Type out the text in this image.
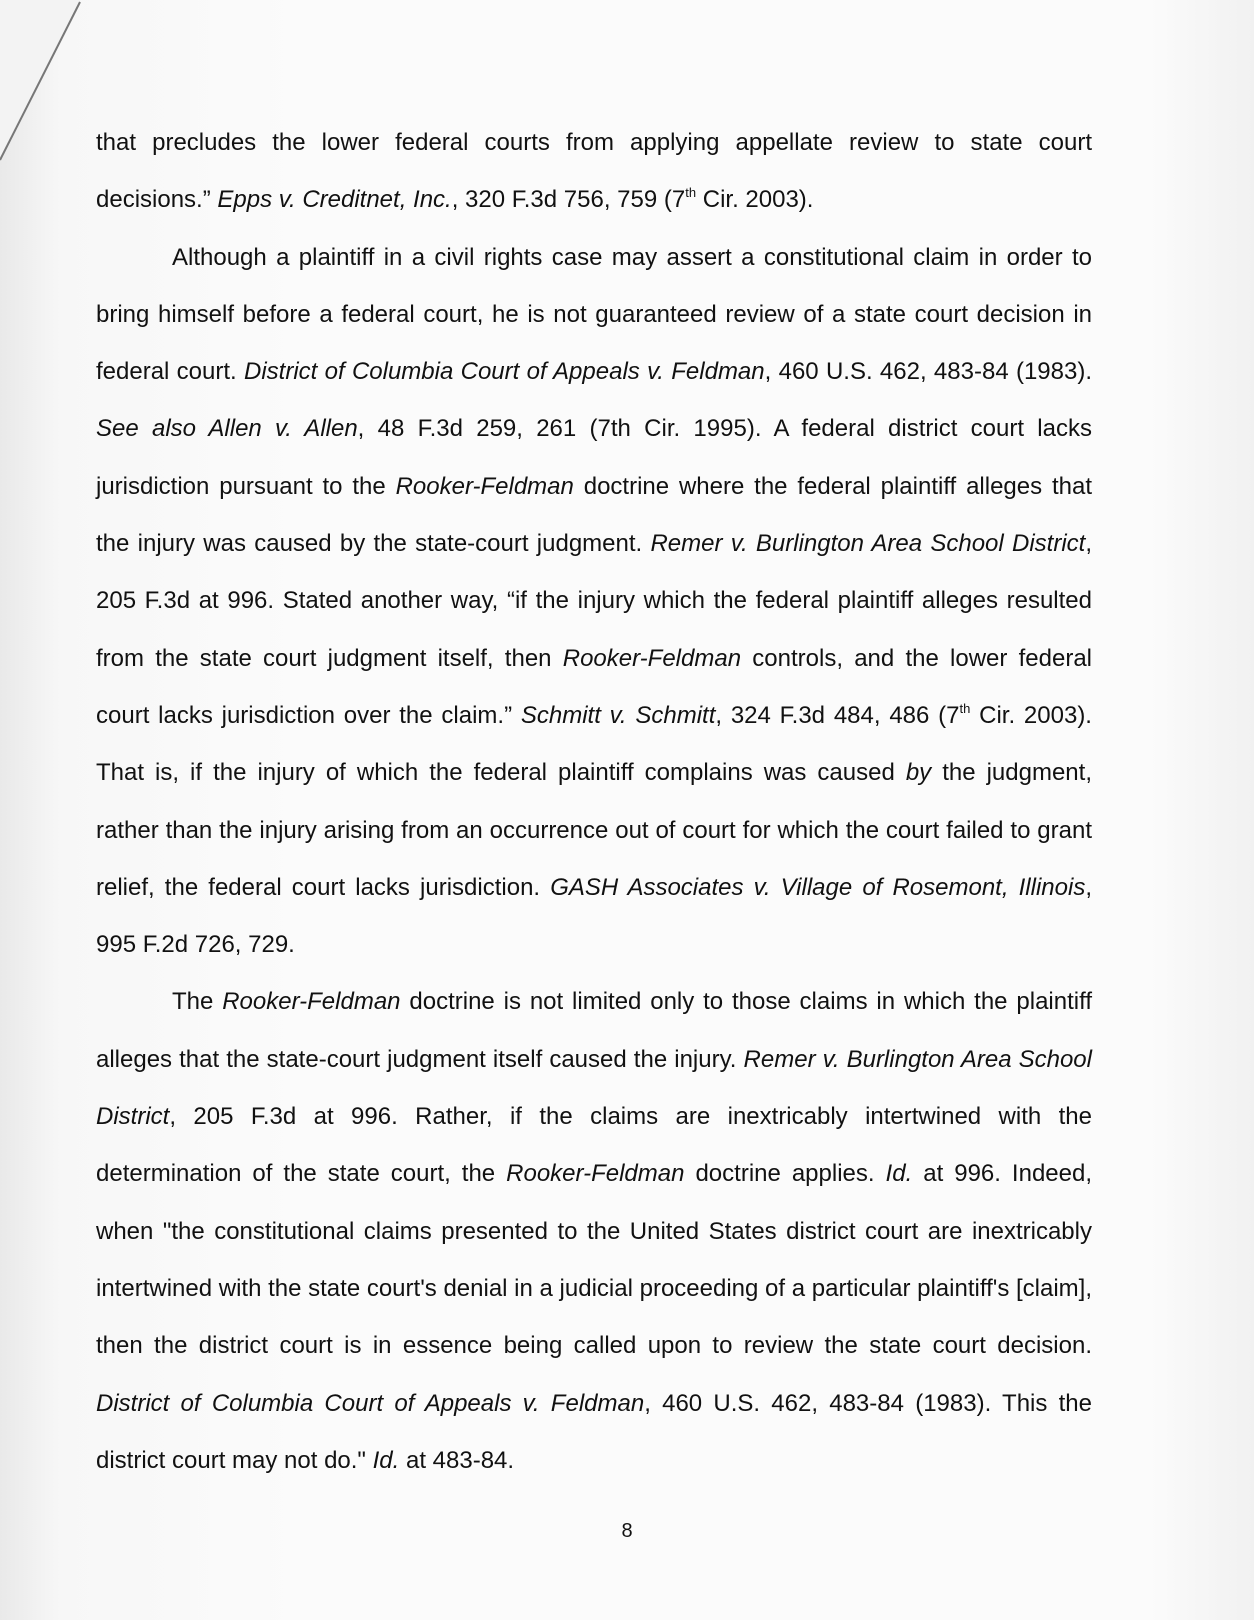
that precludes the lower federal courts from applying appellate review to state court decisions.” Epps v. Creditnet, Inc., 320 F.3d 756, 759 (7th Cir. 2003).

Although a plaintiff in a civil rights case may assert a constitutional claim in order to bring himself before a federal court, he is not guaranteed review of a state court decision in federal court. District of Columbia Court of Appeals v. Feldman, 460 U.S. 462, 483-84 (1983). See also Allen v. Allen, 48 F.3d 259, 261 (7th Cir. 1995). A federal district court lacks jurisdiction pursuant to the Rooker-Feldman doctrine where the federal plaintiff alleges that the injury was caused by the state-court judgment. Remer v. Burlington Area School District, 205 F.3d at 996. Stated another way, “if the injury which the federal plaintiff alleges resulted from the state court judgment itself, then Rooker-Feldman controls, and the lower federal court lacks jurisdiction over the claim.” Schmitt v. Schmitt, 324 F.3d 484, 486 (7th Cir. 2003). That is, if the injury of which the federal plaintiff complains was caused by the judgment, rather than the injury arising from an occurrence out of court for which the court failed to grant relief, the federal court lacks jurisdiction. GASH Associates v. Village of Rosemont, Illinois, 995 F.2d 726, 729.

The Rooker-Feldman doctrine is not limited only to those claims in which the plaintiff alleges that the state-court judgment itself caused the injury. Remer v. Burlington Area School District, 205 F.3d at 996. Rather, if the claims are inextricably intertwined with the determination of the state court, the Rooker-Feldman doctrine applies. Id. at 996. Indeed, when "the constitutional claims presented to the United States district court are inextricably intertwined with the state court's denial in a judicial proceeding of a particular plaintiff's [claim], then the district court is in essence being called upon to review the state court decision. District of Columbia Court of Appeals v. Feldman, 460 U.S. 462, 483-84 (1983). This the district court may not do." Id. at 483-84.

8
